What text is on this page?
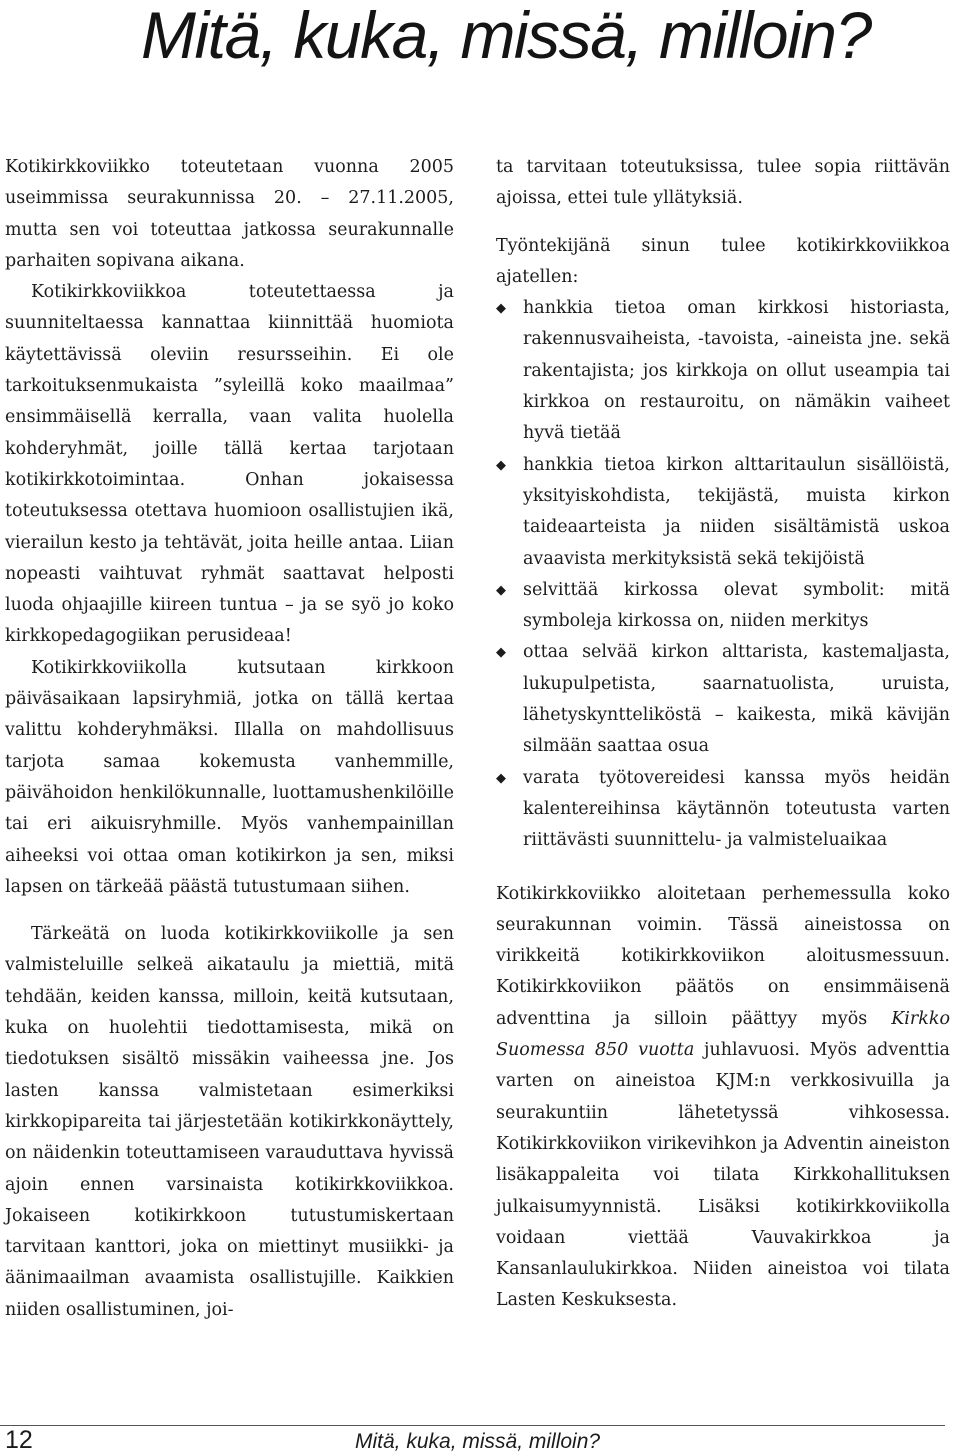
Mitä, kuka, missä, milloin?

Kotikirkkoviikko toteutetaan vuonna 2005 useimmissa seurakunnissa 20. – 27.11.2005, mutta sen voi toteuttaa jatkossa seurakunnalle parhaiten sopivana aikana.

Kotikirkkoviikkoa toteutettaessa ja suunniteltaessa kannattaa kiinnittää huomiota käytettävissä oleviin resursseihin. Ei ole tarkoituksenmukaista ”syleillä koko maailmaa” ensimmäisellä kerralla, vaan valita huolella kohderyhmät, joille tällä kertaa tarjotaan kotikirkkotoimintaa. Onhan jokaisessa toteutuksessa otettava huomioon osallistujien ikä, vierailun kesto ja tehtävät, joita heille antaa. Liian nopeasti vaihtuvat ryhmät saattavat helposti luoda ohjaajille kiireen tuntua – ja se syö jo koko kirkkopedagogiikan perusideaa!

Kotikirkkoviikolla kutsutaan kirkkoon päiväsaikaan lapsiryhmiä, jotka on tällä kertaa valittu kohderyhmäksi. Illalla on mahdollisuus tarjota samaa kokemusta vanhemmille, päivähoidon henkilökunnalle, luottamushenkilöille tai eri aikuisryhmille. Myös vanhempainillan aiheeksi voi ottaa oman kotikirkon ja sen, miksi lapsen on tärkeää päästä tutustumaan siihen.

Tärkeätä on luoda kotikirkkoviikolle ja sen valmisteluille selkeä aikataulu ja miettiä, mitä tehdään, keiden kanssa, milloin, keitä kutsutaan, kuka on huolehtii tiedottamisesta, mikä on tiedotuksen sisältö missäkin vaiheessa jne. Jos lasten kanssa valmistetaan esimerkiksi kirkkopipareita tai järjestetään kotikirkkonäyttely, on näidenkin toteuttamiseen varauduttava hyvissä ajoin ennen varsinaista kotikirkkoviikkoa. Jokaiseen kotikirkkoon tutustumiskertaan tarvitaan kanttori, joka on miettinyt musiikki- ja äänimaailman avaamista osallistujille. Kaikkien niiden osallistuminen, joi-

ta tarvitaan toteutuksissa, tulee sopia riittävän ajoissa, ettei tule yllätyksiä.

Työntekijänä sinun tulee kotikirkkoviikkoa ajatellen:

◆ hankkia tietoa oman kirkkosi historiasta, rakennusvaiheista, -tavoista, -aineista jne. sekä rakentajista; jos kirkkoja on ollut useampia tai kirkkoa on restauroitu, on nämäkin vaiheet hyvä tietää
◆ hankkia tietoa kirkon alttaritaulun sisällöistä, yksityiskohdista, tekijästä, muista kirkon taideaarteista ja niiden sisältämistä uskoa avaavista merkityksistä sekä tekijöistä
◆ selvittää kirkossa olevat symbolit: mitä symboleja kirkossa on, niiden merkitys
◆ ottaa selvää kirkon alttarista, kastemaljasta, lukupulpetista, saarnatuolista, uruista, lähetyskyntteliköstä – kaikesta, mikä kävijän silmään saattaa osua
◆ varata työtovereidesi kanssa myös heidän kalentereihinsa käytännön toteutusta varten riittävästi suunnittelu- ja valmisteluaikaa

Kotikirkkoviikko aloitetaan perhemessulla koko seurakunnan voimin. Tässä aineistossa on virikkeitä kotikirkkoviikon aloitusmessuun. Kotikirkkoviikon päätös on ensimmäisenä adventtina ja silloin päättyy myös Kirkko Suomessa 850 vuotta juhlavuosi. Myös adventtia varten on aineistoa KJM:n verkkosivuilla ja seurakuntiin lähetetyssä vihkosessa. Kotikirkkoviikon virikevihkon ja Adventin aineiston lisäkappaleita voi tilata Kirkkohallituksen julkaisumyynnistä. Lisäksi kotikirkkoviikolla voidaan viettää Vauvakirkkoa ja Kansanlaulukirkkoa. Niiden aineistoa voi tilata Lasten Keskuksesta.

12	Mitä, kuka, missä, milloin?
